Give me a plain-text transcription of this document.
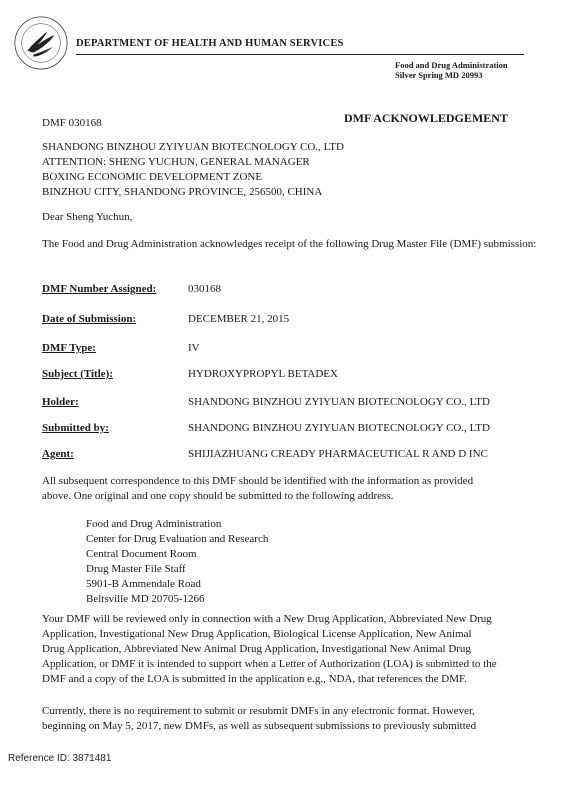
· · · ·
DEPARTMENT OF HEALTH AND HUMAN SERVICES
Food and Drug Administration
Silver Spring MD 20993
DMF 030168	DMF ACKNOWLEDGEMENT
SHANDONG BINZHOU ZYIYUAN BIOTECNOLOGY CO., LTD
ATTENTION: SHENG YUCHUN, GENERAL MANAGER
BOXING ECONOMIC DEVELOPMENT ZONE
BINZHOU CITY, SHANDONG PROVINCE, 256500, CHINA
Dear Sheng Yuchun,
The Food and Drug Administration acknowledges receipt of the following Drug Master File (DMF) submission:
DMF Number Assigned:	030168
Date of Submission:	DECEMBER 21, 2015
DMF Type:	IV
Subject (Title):	HYDROXYPROPYL BETADEX
Holder:	SHANDONG BINZHOU ZYIYUAN BIOTECNOLOGY CO., LTD
Submitted by:	SHANDONG BINZHOU ZYIYUAN BIOTECNOLOGY CO., LTD
Agent:	SHIJIAZHUANG CREADY PHARMACEUTICAL R AND D INC
All subsequent correspondence to this DMF should be identified with the information as provided
above. One original and one copy should be submitted to the following address.
Food and Drug Administration
Center for Drug Evaluation and Research
Central Document Room
Drug Master File Staff
5901-B Ammendale Road
Beltsville MD 20705-1266
Your DMF will be reviewed only in connection with a New Drug Application, Abbreviated New Drug
Application, Investigational New Drug Application, Biological License Application, New Animal
Drug Application, Abbreviated New Animal Drug Application, Investigational New Animal Drug
Application, or DMF it is intended to support when a Letter of Authorization (LOA) is submitted to the
DMF and a copy of the LOA is submitted in the application e.g., NDA, that references the DMF.
Currently, there is no requirement to submit or resubmit DMFs in any electronic format. However,
beginning on May 5, 2017, new DMFs, as well as subsequent submissions to previously submitted
Reference ID: 3871481
